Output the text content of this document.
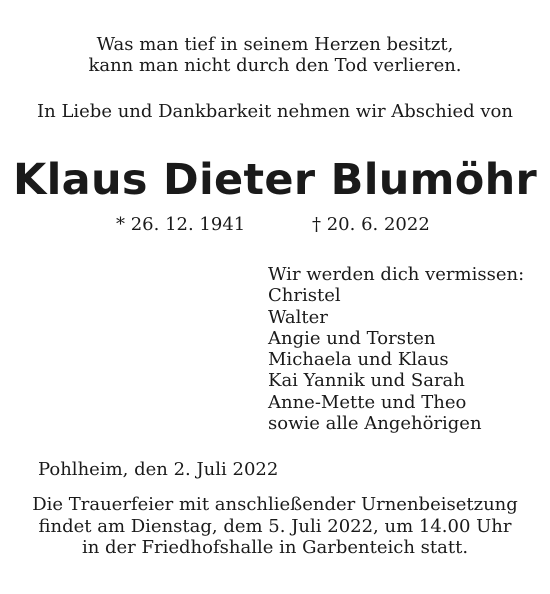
Was man tief in seinem Herzen besitzt,
kann man nicht durch den Tod verlieren.
In Liebe und Dankbarkeit nehmen wir Abschied von
Klaus Dieter Blumöhr
* 26. 12. 1941	† 20. 6. 2022
Wir werden dich vermissen:
Christel
Walter
Angie und Torsten
Michaela und Klaus
Kai Yannik und Sarah
Anne-Mette und Theo
sowie alle Angehörigen
Pohlheim, den 2. Juli 2022
Die Trauerfeier mit anschließender Urnenbeisetzung
findet am Dienstag, dem 5. Juli 2022, um 14.00 Uhr
in der Friedhofshalle in Garbenteich statt.
